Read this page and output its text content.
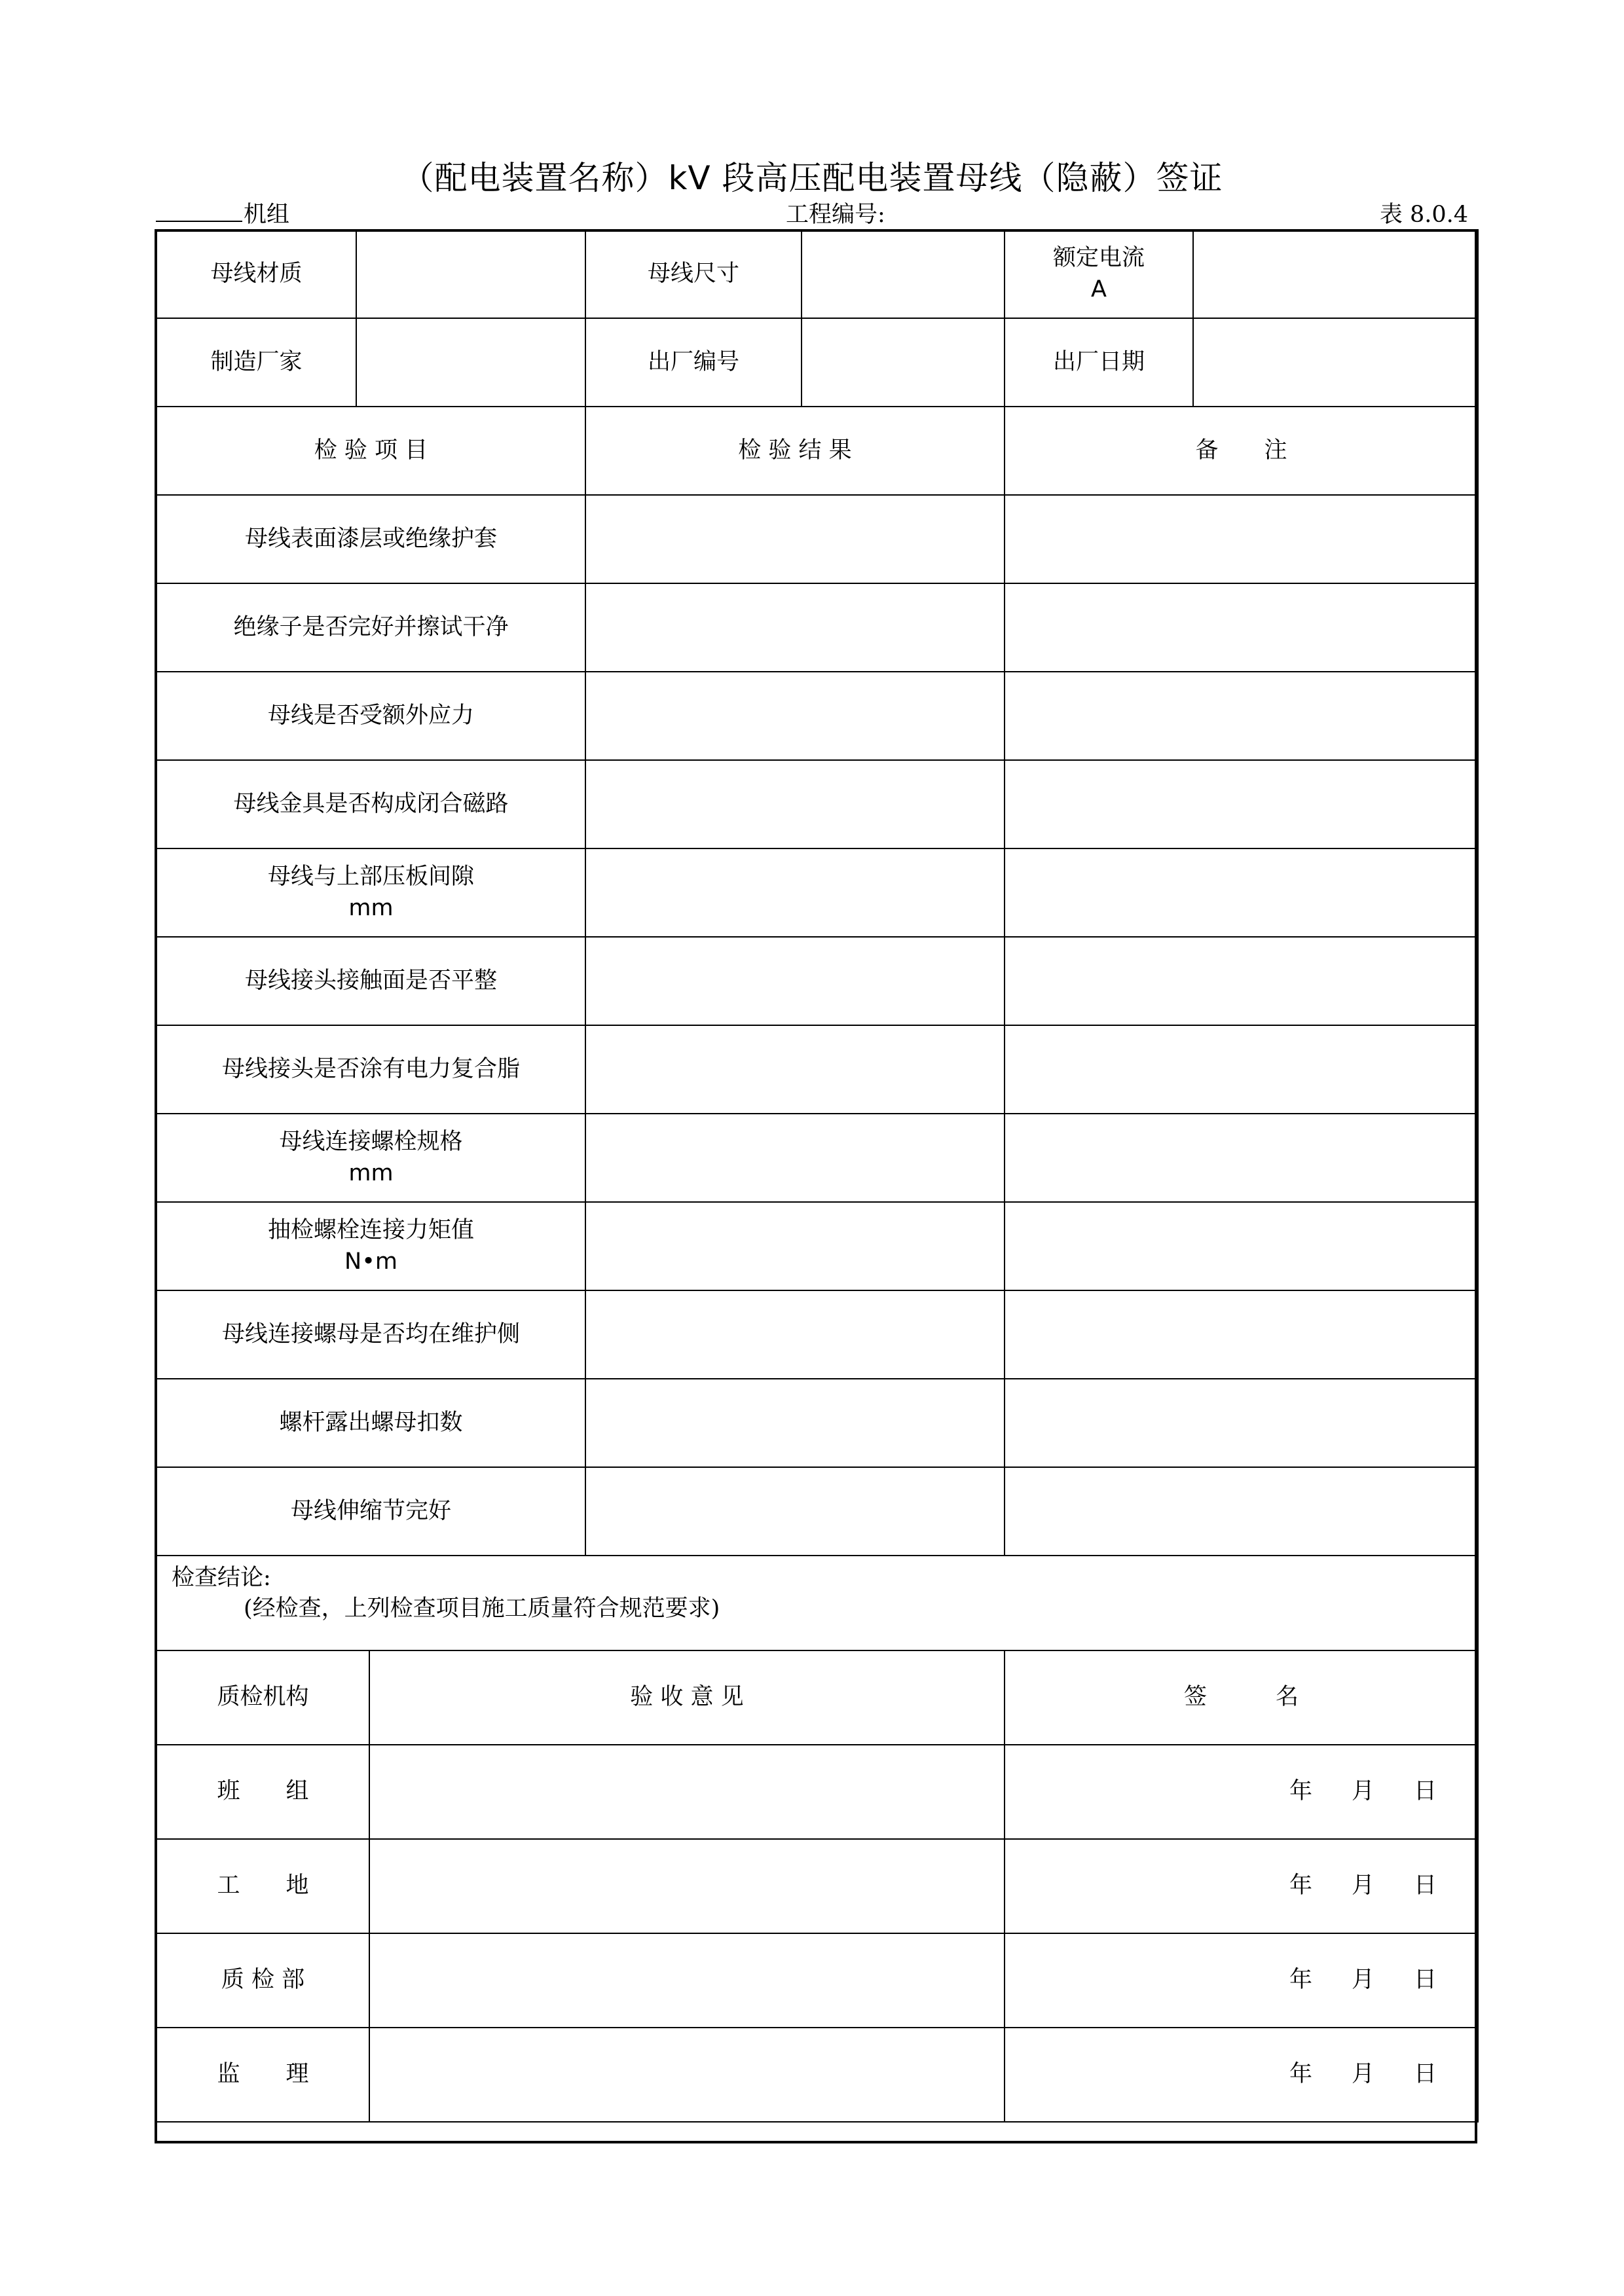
（配电装置名称）kV 段高压配电装置母线（隐蔽）签证
机组	工程编号:	表 8.0.4
母线材质			母线尺寸		额定电流
A	

制造厂家			出厂编号		出厂日期	
检 验 项 目			检 验 结 果		备　　注	
母线表面漆层或绝缘护套						
绝缘子是否完好并擦试干净						
母线是否受额外应力						
母线金具是否构成闭合磁路						
母线与上部压板间隙
mm						

母线接头接触面是否平整						
母线接头是否涂有电力复合脂						
母线连接螺栓规格
mm						

抽检螺栓连接力矩值
N•m						

母线连接螺母是否均在维护侧						
螺杆露出螺母扣数						
母线伸缩节完好						

检查结论:
(经检查，上列检查项目施工质量符合规范要求)						

质检机构		验 收 意 见			签　　　名	
班　　组					年 月 日	
工　　地					年 月 日	
质 检 部					年 月 日	
监　　理					年 月 日	
